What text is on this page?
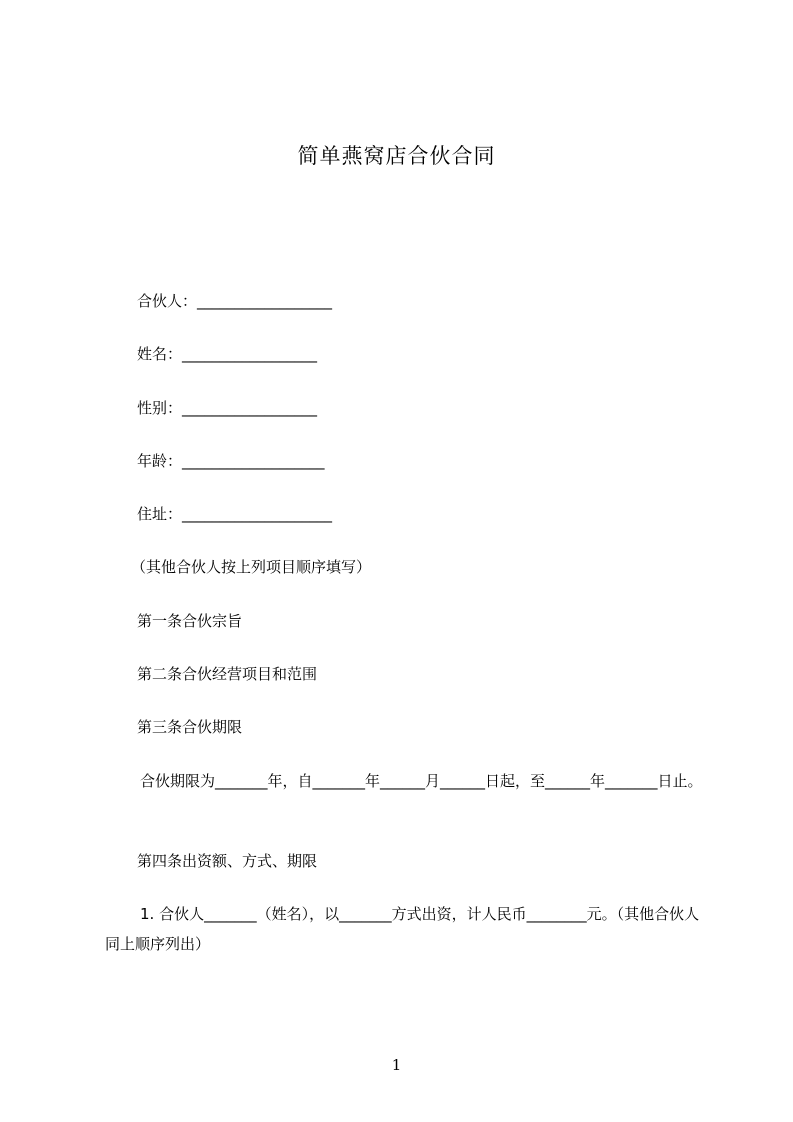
简单燕窝店合伙合同
合伙人：__________________
姓名：__________________
性别：__________________
年龄：___________________
住址：____________________
（其他合伙人按上列项目顺序填写）
第一条合伙宗旨
第二条合伙经营项目和范围
第三条合伙期限
合伙期限为_______年，自_______年______月______日起，至______年_______日止。
第四条出资额、方式、期限
1. 合伙人_______（姓名），以_______方式出资，计人民币________元。（其他合伙人同上顺序列出）
1
